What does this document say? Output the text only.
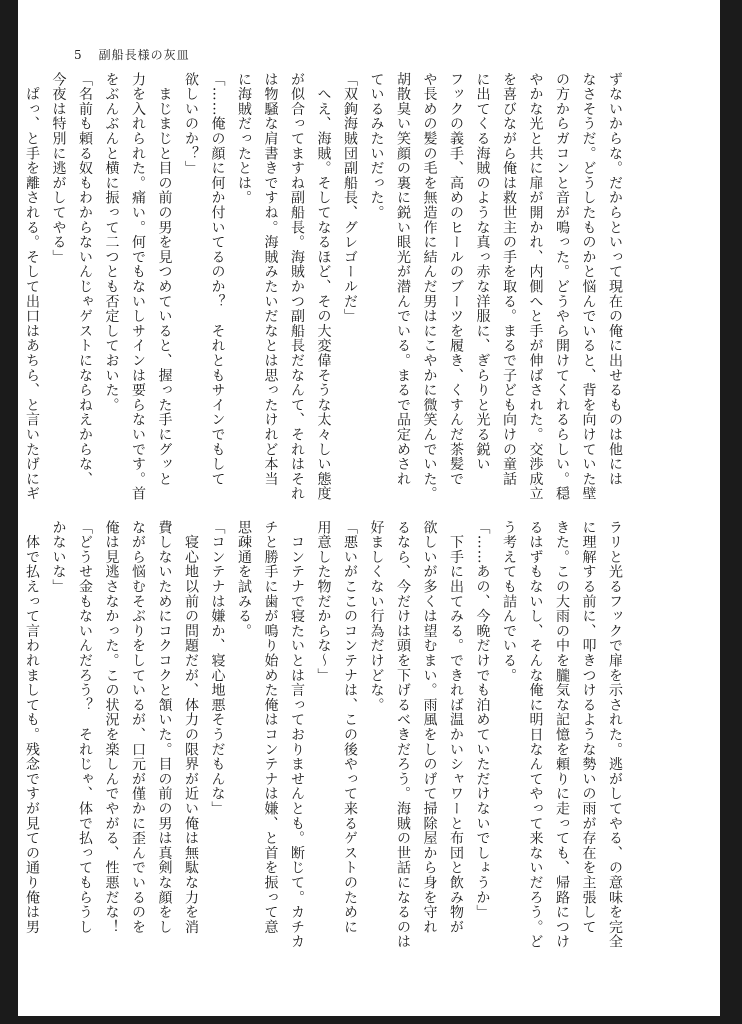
5 副船長様の灰皿

ずないからな。だからといって現在の俺に出せるものは他には

なさそうだ。どうしたものかと悩んでいると、背を向けていた壁

の方からガコンと音が鳴った。どうやら開けてくれるらしい。穏

やかな光と共に扉が開かれ、内側へと手が伸ばされた。交渉成立

を喜びながら俺は救世主の手を取る。まるで子ども向けの童話

に出てくる海賊のような真っ赤な洋服に、ぎらりと光る鋭い

フックの義手、高めのヒールのブーツを履き、くすんだ茶髪で

や長めの髪の毛を無造作に結んだ男はにこやかに微笑んでいた。

胡散臭い笑顔の裏に鋭い眼光が潜んでいる。まるで品定めされ

ているみたいだった。

「双鉤海賊団副船長、グレゴールだ」

　へえ、海賊。そしてなるほど、その大変偉そうな太々しい態度

が似合ってますね副船長。海賊かつ副船長だなんて、それはそれ

は物騒な肩書きですね。海賊みたいだなとは思ったけれど本当

に海賊だったとは。

「……俺の顔に何か付いてるのか？　それともサインでもして

欲しいのか？」

　まじまじと目の前の男を見つめていると、握った手にグッと

力を入れられた。痛い。何でもないしサインは要らないです。首

をぶんぶんと横に振って二つとも否定しておいた。

「名前も頼る奴もわからないんじゃゲストにならねえからな、

今夜は特別に逃がしてやる」

　ぱっ、と手を離される。そして出口はあちら、と言いたげにギ

ラリと光るフックで扉を示された。逃がしてやる、の意味を完全

に理解する前に、叩きつけるような勢いの雨が存在を主張して

きた。この大雨の中を朧気な記憶を頼りに走っても、帰路につけ

るはずもないし、そんな俺に明日なんてやって来ないだろう。ど

う考えても詰んでいる。

「……あの、今晩だけでも泊めていただけないでしょうか」

　下手に出てみる。できれば温かいシャワーと布団と飲み物が

欲しいが多くは望むまい。雨風をしのげて掃除屋から身を守れ

るなら、今だけは頭を下げるべきだろう。海賊の世話になるのは

好ましくない行為だけどな。

「悪いがここのコンテナは、この後やって来るゲストのために

用意した物だからな～」

　コンテナで寝たいとは言っておりませんとも。断じて。カチカ

チと勝手に歯が鳴り始めた俺はコンテナは嫌、と首を振って意

思疎通を試みる。

「コンテナは嫌か、寝心地悪そうだもんな」

　寝心地以前の問題だが、体力の限界が近い俺は無駄な力を消

費しないためにコクコクと頷いた。目の前の男は真剣な顔をし

ながら悩むそぶりをしているが、口元が僅かに歪んでいるのを

俺は見逃さなかった。この状況を楽しんでやがる、性悪だな！

「どうせ金もないんだろう？　それじゃ、体で払ってもらうし

かないな」

　体で払えって言われましても。残念ですが見ての通り俺は男
